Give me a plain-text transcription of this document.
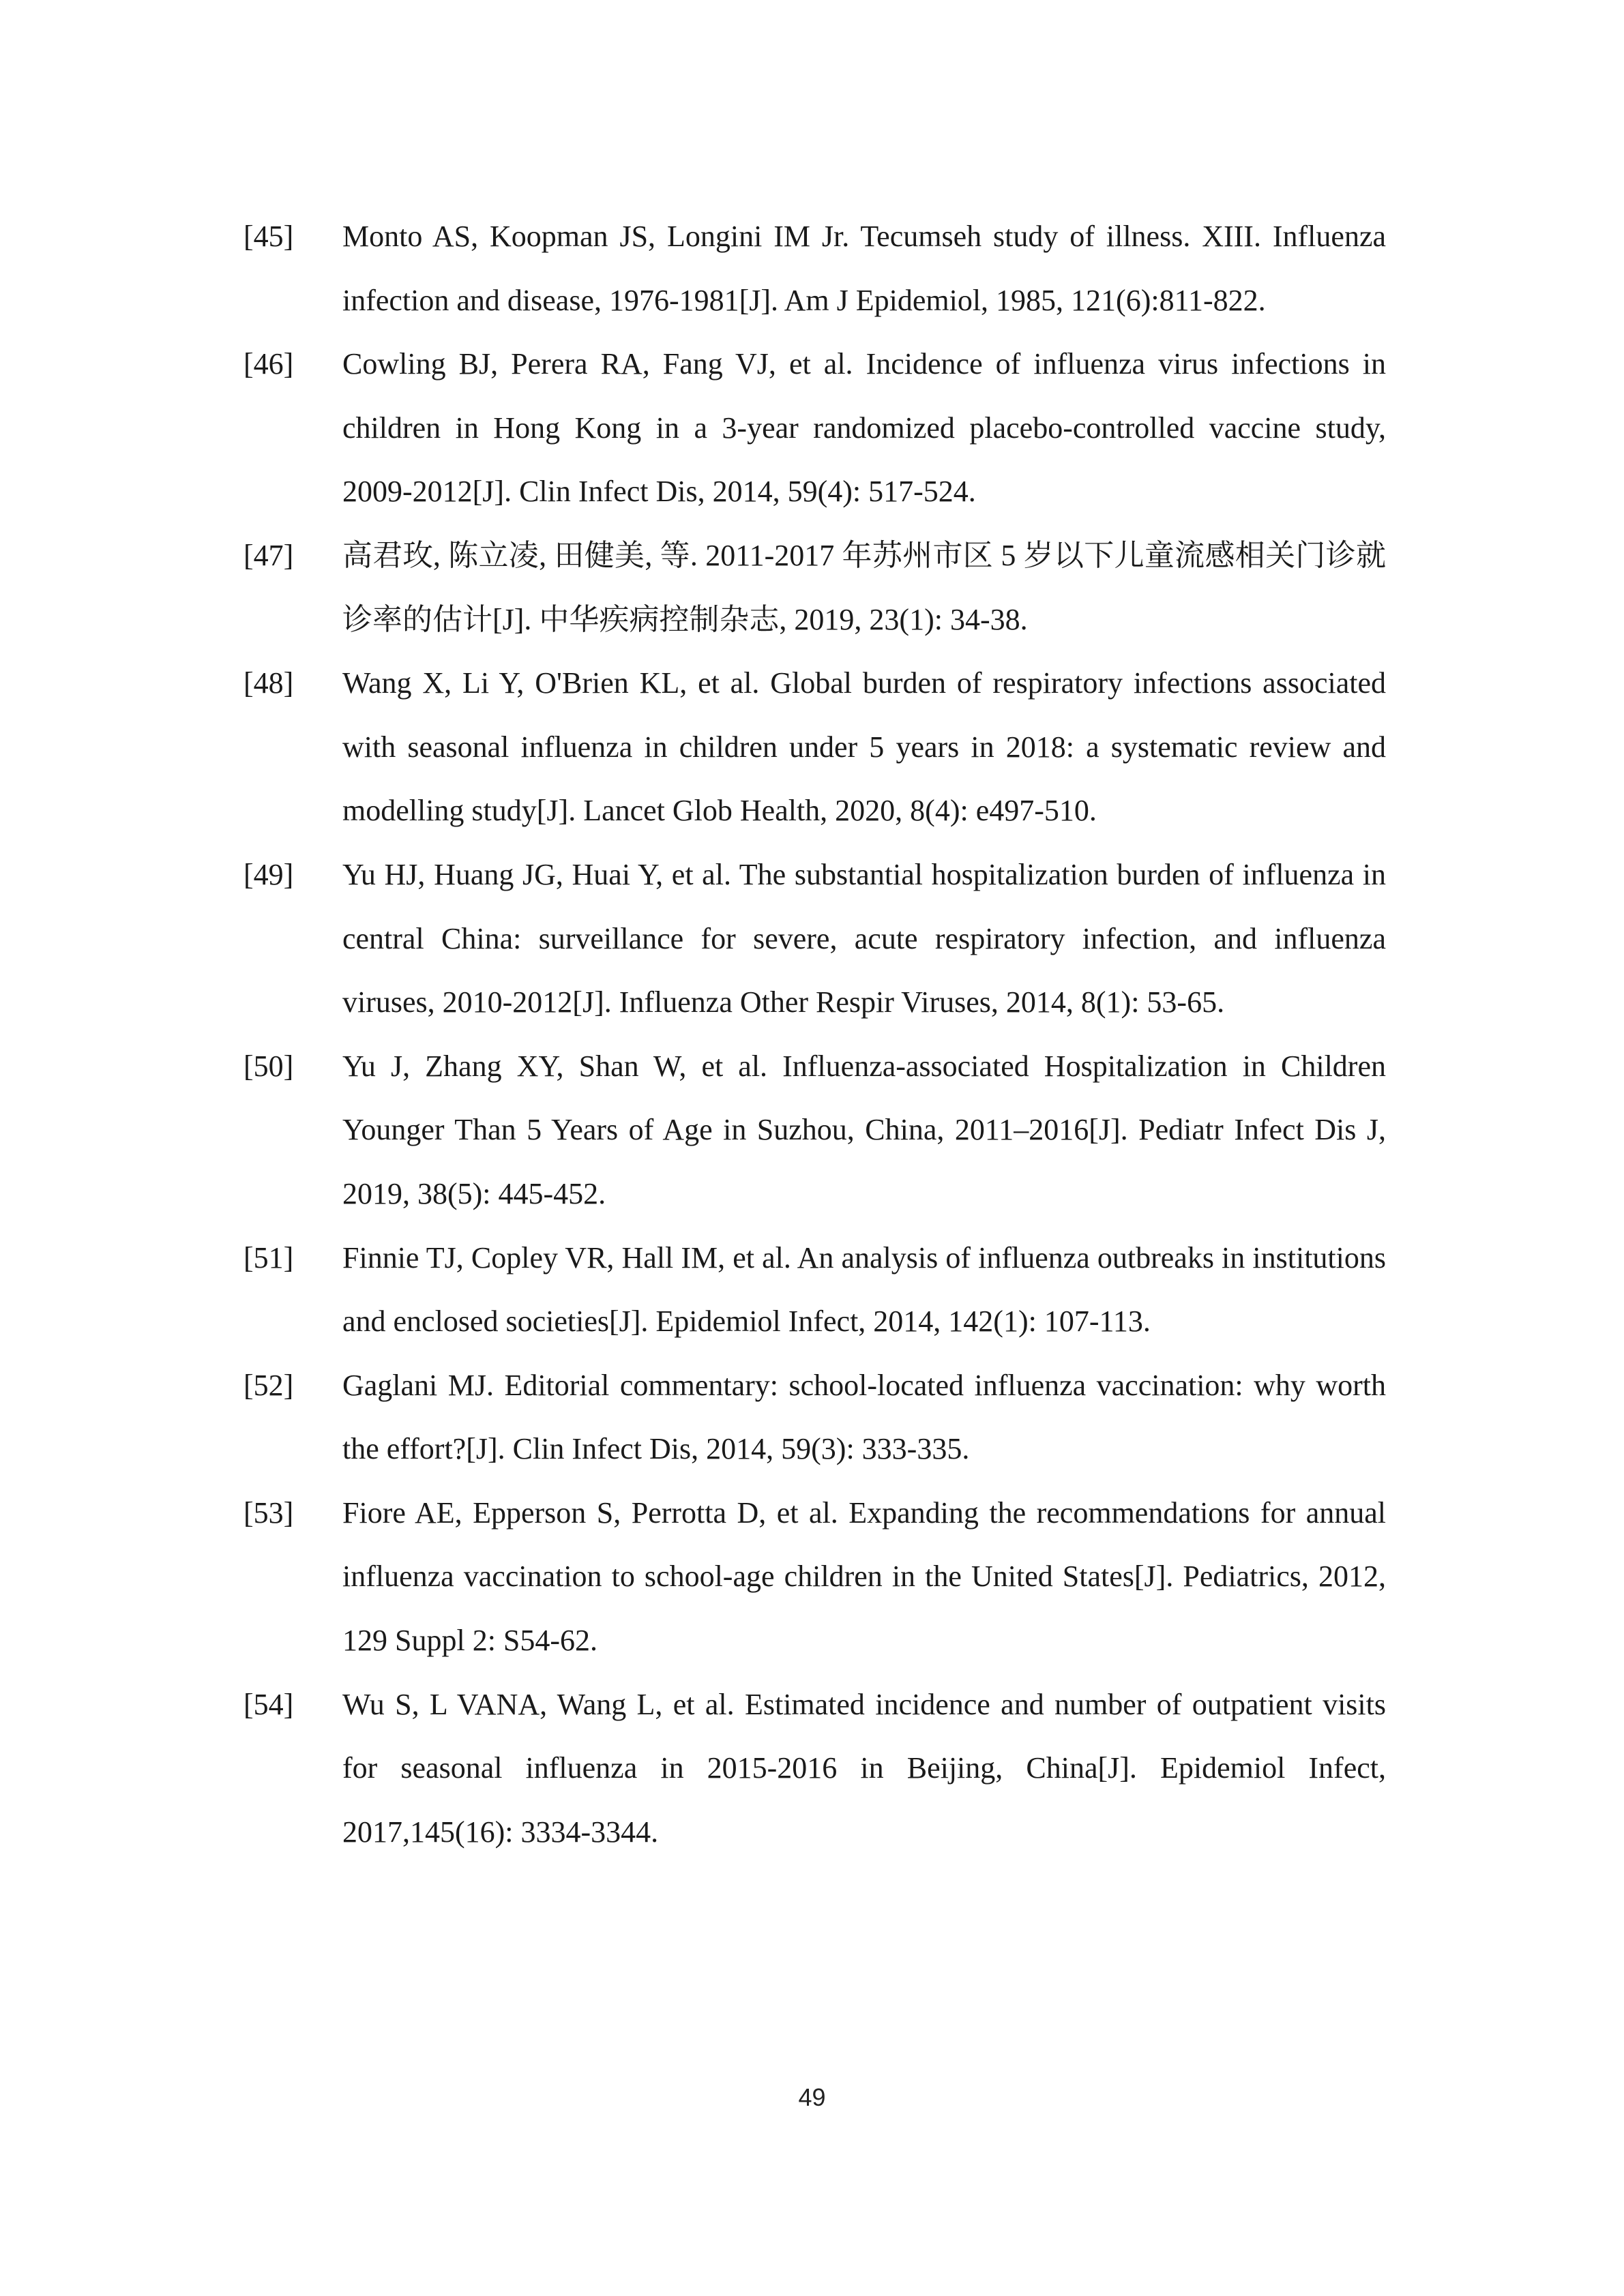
[45]	Monto AS, Koopman JS, Longini IM Jr. Tecumseh study of illness. XIII. Influenza infection and disease, 1976-1981[J]. Am J Epidemiol, 1985, 121(6):811-822.
[46]	Cowling BJ, Perera RA, Fang VJ, et al. Incidence of influenza virus infections in children in Hong Kong in a 3-year randomized placebo-controlled vaccine study, 2009-2012[J]. Clin Infect Dis, 2014, 59(4): 517-524.
[47]	高君玫, 陈立凌, 田健美, 等. 2011-2017 年苏州市区 5 岁以下儿童流感相关门诊就诊率的估计[J]. 中华疾病控制杂志, 2019, 23(1): 34-38.
[48]	Wang X, Li Y, O'Brien KL, et al. Global burden of respiratory infections associated with seasonal influenza in children under 5 years in 2018: a systematic review and modelling study[J]. Lancet Glob Health, 2020, 8(4): e497-510.
[49]	Yu HJ, Huang JG, Huai Y, et al. The substantial hospitalization burden of influenza in central China: surveillance for severe, acute respiratory infection, and influenza viruses, 2010-2012[J]. Influenza Other Respir Viruses, 2014, 8(1): 53-65.
[50]	Yu J, Zhang XY, Shan W, et al. Influenza-associated Hospitalization in Children Younger Than 5 Years of Age in Suzhou, China, 2011–2016[J]. Pediatr Infect Dis J, 2019, 38(5): 445-452.
[51]	Finnie TJ, Copley VR, Hall IM, et al. An analysis of influenza outbreaks in institutions and enclosed societies[J]. Epidemiol Infect, 2014, 142(1): 107-113.
[52]	Gaglani MJ. Editorial commentary: school-located influenza vaccination: why worth the effort?[J]. Clin Infect Dis, 2014, 59(3): 333-335.
[53]	Fiore AE, Epperson S, Perrotta D, et al. Expanding the recommendations for annual influenza vaccination to school-age children in the United States[J]. Pediatrics, 2012, 129 Suppl 2: S54-62.
[54]	Wu S, L VANA, Wang L, et al. Estimated incidence and number of outpatient visits for seasonal influenza in 2015-2016 in Beijing, China[J]. Epidemiol Infect, 2017,145(16): 3334-3344.
49
